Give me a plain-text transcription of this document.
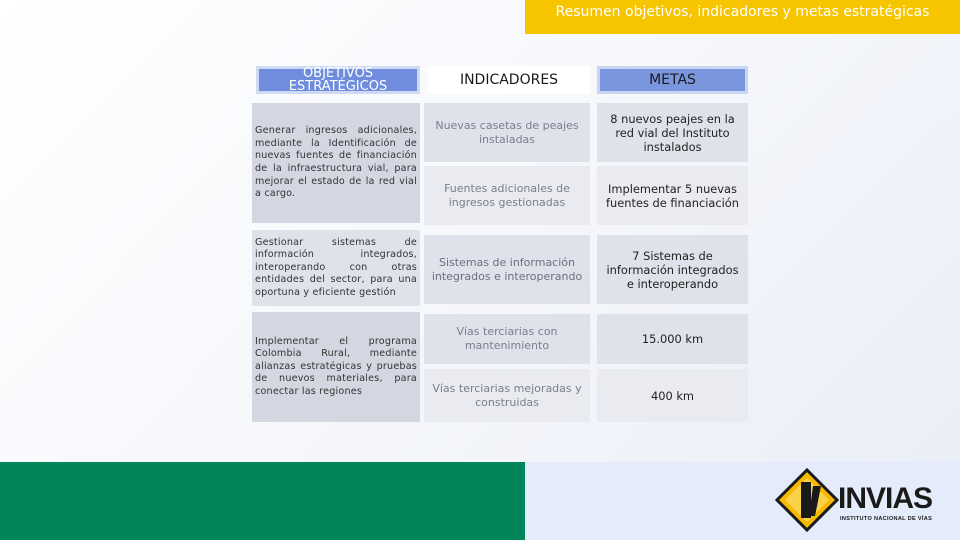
Resumen objetivos, indicadores y metas estratégicas
OBJETIVOS ESTRATÉGICOS	INDICADORES	METAS
Generar ingresos adicionales, mediante la Identificación de nuevas fuentes de financiación de la infraestructura vial, para mejorar el estado de la red vial a cargo.
Gestionar sistemas de información integrados, interoperando con otras entidades del sector, para una oportuna y eficiente gestión
Implementar el programa Colombia Rural, mediante alianzas estratégicas y pruebas de nuevos materiales, para conectar las regiones
Nuevas casetas de peajes instaladas
Fuentes adicionales de ingresos gestionadas
Sistemas de información integrados e interoperando
Vías terciarias con mantenimiento
Vías terciarias mejoradas y construidas
8 nuevos peajes en la red vial del Instituto instalados
Implementar 5 nuevas fuentes de financiación
7 Sistemas de información integrados e interoperando
15.000 km
400 km
INVIAS
INSTITUTO NACIONAL DE VÍAS
